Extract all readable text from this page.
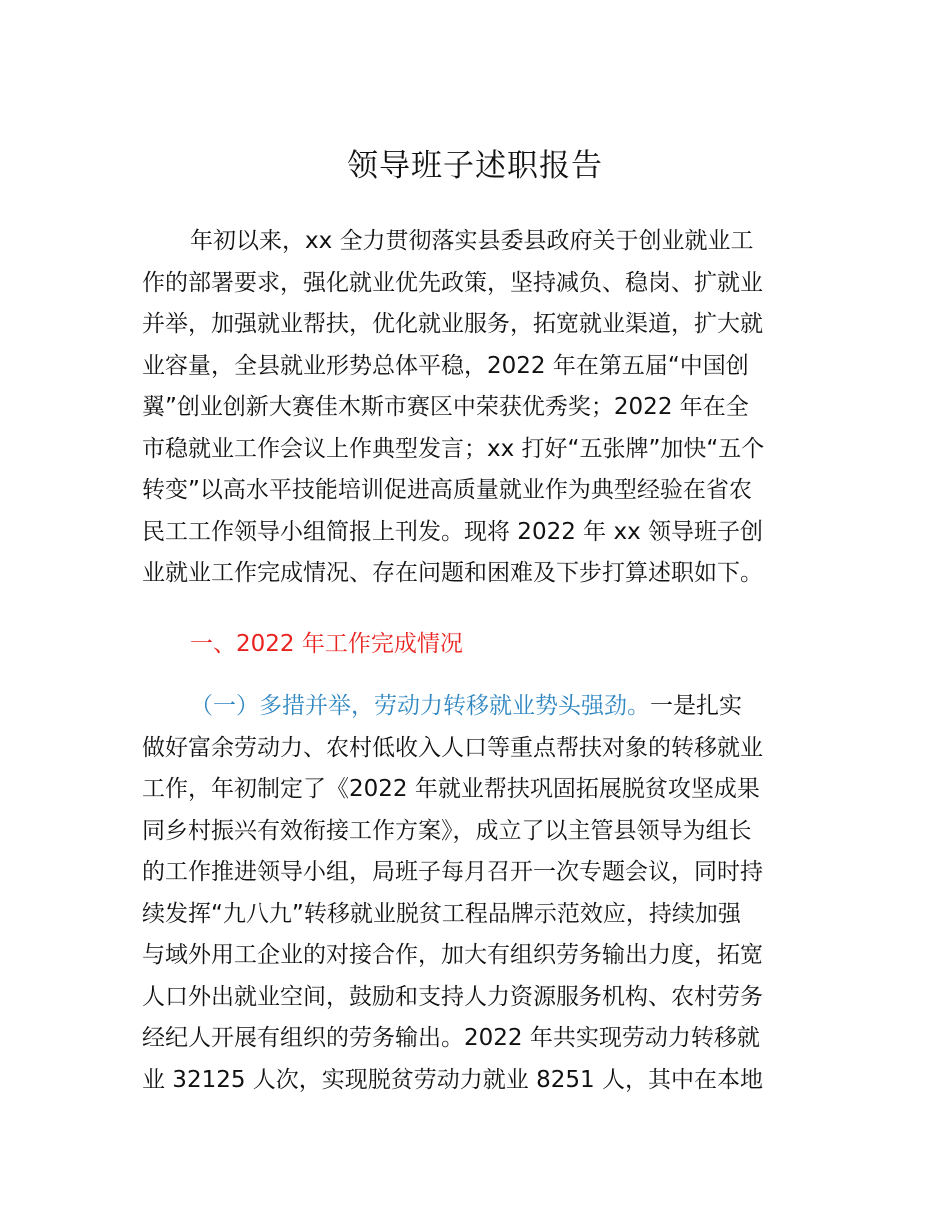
领导班子述职报告
年初以来，xx 全力贯彻落实县委县政府关于创业就业工
作的部署要求，强化就业优先政策，坚持减负、稳岗、扩就业
并举，加强就业帮扶，优化就业服务，拓宽就业渠道，扩大就
业容量，全县就业形势总体平稳，2022 年在第五届“中国创
翼”创业创新大赛佳木斯市赛区中荣获优秀奖；2022 年在全
市稳就业工作会议上作典型发言；xx 打好“五张牌”加快“五个
转变”以高水平技能培训促进高质量就业作为典型经验在省农
民工工作领导小组简报上刊发。现将 2022 年 xx 领导班子创
业就业工作完成情况、存在问题和困难及下步打算述职如下。
一、2022 年工作完成情况
（一）多措并举，劳动力转移就业势头强劲。一是扎实
做好富余劳动力、农村低收入人口等重点帮扶对象的转移就业
工作，年初制定了《2022 年就业帮扶巩固拓展脱贫攻坚成果
同乡村振兴有效衔接工作方案》，成立了以主管县领导为组长
的工作推进领导小组，局班子每月召开一次专题会议，同时持
续发挥“九八九”转移就业脱贫工程品牌示范效应，持续加强
与域外用工企业的对接合作，加大有组织劳务输出力度，拓宽
人口外出就业空间，鼓励和支持人力资源服务机构、农村劳务
经纪人开展有组织的劳务输出。2022 年共实现劳动力转移就
业 32125 人次，实现脱贫劳动力就业 8251 人，其中在本地
